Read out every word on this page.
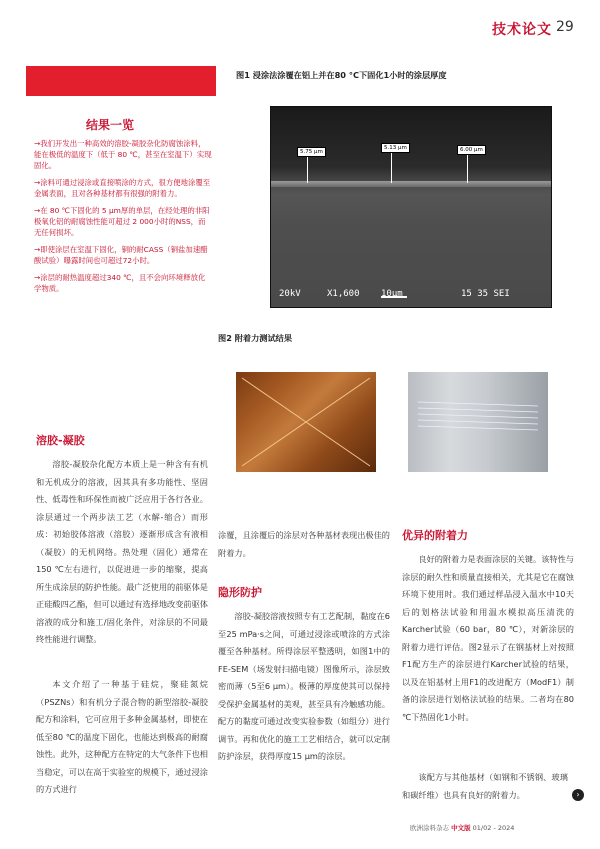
技术论文 29
结果一览
→我们开发出一种高效的溶胶-凝胶杂化防腐蚀涂料，能在极低的温度下（低于 80 ℃，甚至在室温下）实现固化。
→涂料可通过浸涂或直接喷涂的方式，很方便地涂覆至金属表面，且对各种基材都有很强的附着力。
→在 80 ℃下固化的 5 μm厚的单层，在经处理的非阳极氧化铝的耐腐蚀性能可超过 2 000小时的NSS，而无任何损坏。
→即使涂层在室温下固化，铜的耐CASS（铜盐加速醋酸试验）曝露时间也可超过72小时。
→涂层的耐热温度超过340 ℃，且不会向环境释放化学物质。
图1 浸涂法涂覆在铝上并在80 °C下固化1小时的涂层厚度
5.75 μm
5.13 μm	6.00 μm
20kV	X1,600 10μm	15 35 SEI
图2 附着力测试结果
溶胶-凝胶

溶胶-凝胶杂化配方本质上是一种含有有机和无机成分的溶液，因其具有多功能性、坚固性、低毒性和环保性而被广泛应用于各行各业。涂层通过一个两步法工艺（水解-缩合）而形成：初始胶体溶液（溶胶）逐渐形成含有液相（凝胶）的无机网络。热处理（固化）通常在150 ℃左右进行，以促进进一步的缩聚，提高所生成涂层的防护性能。最广泛使用的前驱体是正硅酸四乙酯，但可以通过有选择地改变前驱体溶液的成分和施工/固化条件，对涂层的不同最终性能进行调整。

本文介绍了一种基于硅烷，聚硅氮烷（PSZNs）和有机分子混合物的新型溶胶-凝胶配方和涂料，它可应用于多种金属基材，即使在低至80 ℃的温度下固化，也能达到极高的耐腐蚀性。此外，这种配方在特定的大气条件下也相当稳定，可以在高于实验室的规模下，通过浸涂的方式进行

涂覆，且涂覆后的涂层对各种基材表现出极佳的附着力。

隐形防护

溶胶-凝胶溶液按照专有工艺配制，黏度在6至25 mPa·s之间，可通过浸涂或喷涂的方式涂覆至各种基材。所得涂层平整透明，如图1中的FE-SEM（场发射扫描电镜）图像所示，涂层致密而薄（5至6 μm）。极薄的厚度使其可以保持受保护金属基材的美观，甚至具有冷触感功能。配方的黏度可通过改变实验参数（如组分）进行调节。再和优化的施工工艺相结合，就可以定制防护涂层，获得厚度15 μm的涂层。

优异的附着力

良好的附着力是表面涂层的关键。该特性与涂层的耐久性和质量直接相关，尤其是它在腐蚀环境下使用时。我们通过样品浸入温水中10天后的划格法试验和用温水模拟高压清洗的Karcher试验（60 bar，80 ℃），对新涂层的附着力进行评估。图2显示了在钢基材上对按照F1配方生产的涂层进行Karcher试验的结果，以及在铝基材上用F1的改进配方（ModF1）制备的涂层进行划格法试验的结果。二者均在80 ℃下热固化1小时。

该配方与其他基材（如钢和不锈钢、玻璃和碳纤维）也具有良好的附着力。	›
欧洲涂料杂志 中文版 01/02 - 2024
